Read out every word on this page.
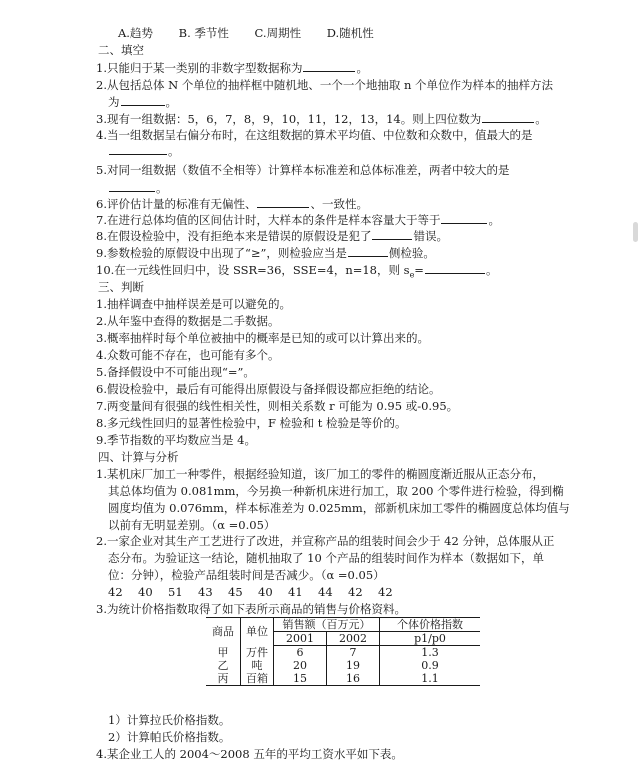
A.趋势 B. 季节性 C.周期性 D.随机性
二、填空
1.只能归于某一类别的非数字型数据称为	。
2.从包括总体 N 个单位的抽样框中随机地、一个一个地抽取 n 个单位作为样本的抽样方法
为	。
3.现有一组数据：5，6，7，8，9，10，11，12，13，14。则上四位数为	。
4.当一组数据呈右偏分布时，在这组数据的算术平均值、中位数和众数中，值最大的是
。
5.对同一组数据（数值不全相等）计算样本标准差和总体标准差，两者中较大的是
。
6.评价估计量的标准有无偏性、	、一致性。
7.在进行总体均值的区间估计时，大样本的条件是样本容量大于等于	。
8.在假设检验中，没有拒绝本来是错误的原假设是犯了	错误。
9.参数检验的原假设中出现了“≥”，则检验应当是	侧检验。
10.在一元线性回归中，设 SSR=36，SSE=4，n=18，则 $s_e=$	。
三、判断
1.抽样调查中抽样误差是可以避免的。
2.从年鉴中查得的数据是二手数据。
3.概率抽样时每个单位被抽中的概率是已知的或可以计算出来的。
4.众数可能不存在，也可能有多个。
5.备择假设中不可能出现“=”。
6.假设检验中，最后有可能得出原假设与备择假设都应拒绝的结论。
7.两变量间有很强的线性相关性，则相关系数 r 可能为 0.95 或-0.95。
8.多元线性回归的显著性检验中，F 检验和 t 检验是等价的。
9.季节指数的平均数应当是 4。
四、计算与分析
1.某机床厂加工一种零件，根据经验知道，该厂加工的零件的椭圆度渐近服从正态分布，
其总体均值为 0.081mm，今另换一种新机床进行加工，取 200 个零件进行检验，得到椭
圆度均值为 0.076mm，样本标准差为 0.025mm，部新机床加工零件的椭圆度总体均值与
以前有无明显差别。（α =0.05）
2.一家企业对其生产工艺进行了改进，并宣称产品的组装时间会少于 42 分钟，总体服从正
态分布。为验证这一结论，随机抽取了 10 个产品的组装时间作为样本（数据如下，单
位：分钟），检验产品组装时间是否减少。（α =0.05）
42 40 51 43 45 40 41 44 42 42
3.为统计价格指数取得了如下表所示商品的销售与价格资料。
商品	单位	销售额（百万元）		个体价格指数
		2001	2002	p1/p0
甲	万件	6	7	1.3
乙	吨	20	19	0.9
丙	百箱	15	16	1.1
1）计算拉氏价格指数。
2）计算帕氏价格指数。
4.某企业工人的 2004～2008 五年的平均工资水平如下表。
